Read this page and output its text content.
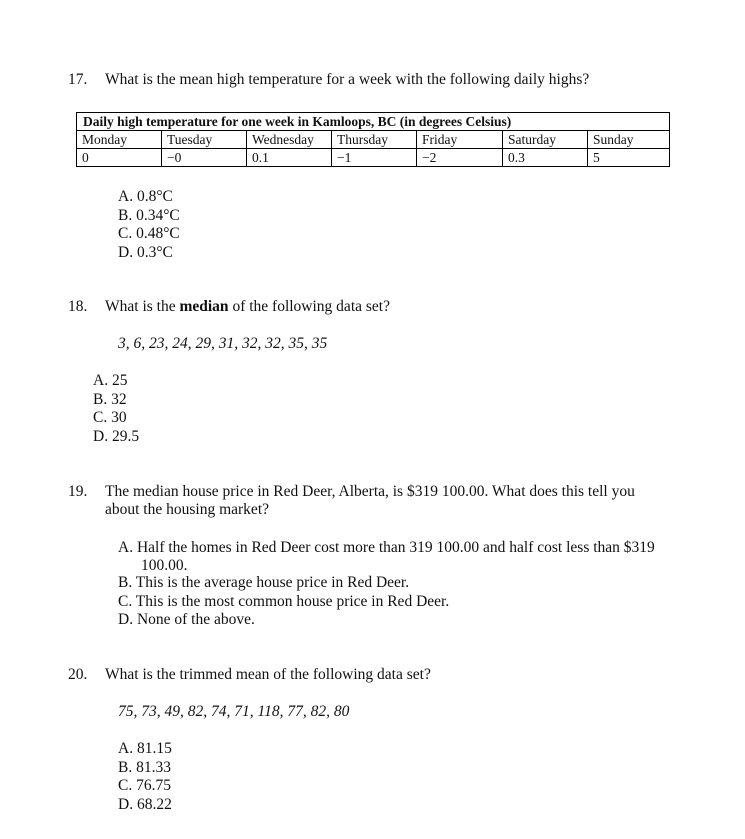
17. What is the mean high temperature for a week with the following daily highs?
Daily high temperature for one week in Kamloops, BC (in degrees Celsius)						
Monday	Tuesday	Wednesday	Thursday	Friday	Saturday	Sunday
0	−0	0.1	−1	−2	0.3	5
A. 0.8°C
B. 0.34°C
C. 0.48°C
D. 0.3°C
18. What is the median of the following data set?
3, 6, 23, 24, 29, 31, 32, 32, 35, 35
A. 25
B. 32
C. 30
D. 29.5
19. The median house price in Red Deer, Alberta, is $319 100.00. What does this tell you
about the housing market?
A. Half the homes in Red Deer cost more than 319 100.00 and half cost less than $319
100.00.
B. This is the average house price in Red Deer.
C. This is the most common house price in Red Deer.
D. None of the above.
20. What is the trimmed mean of the following data set?
75, 73, 49, 82, 74, 71, 118, 77, 82, 80
A. 81.15
B. 81.33
C. 76.75
D. 68.22
